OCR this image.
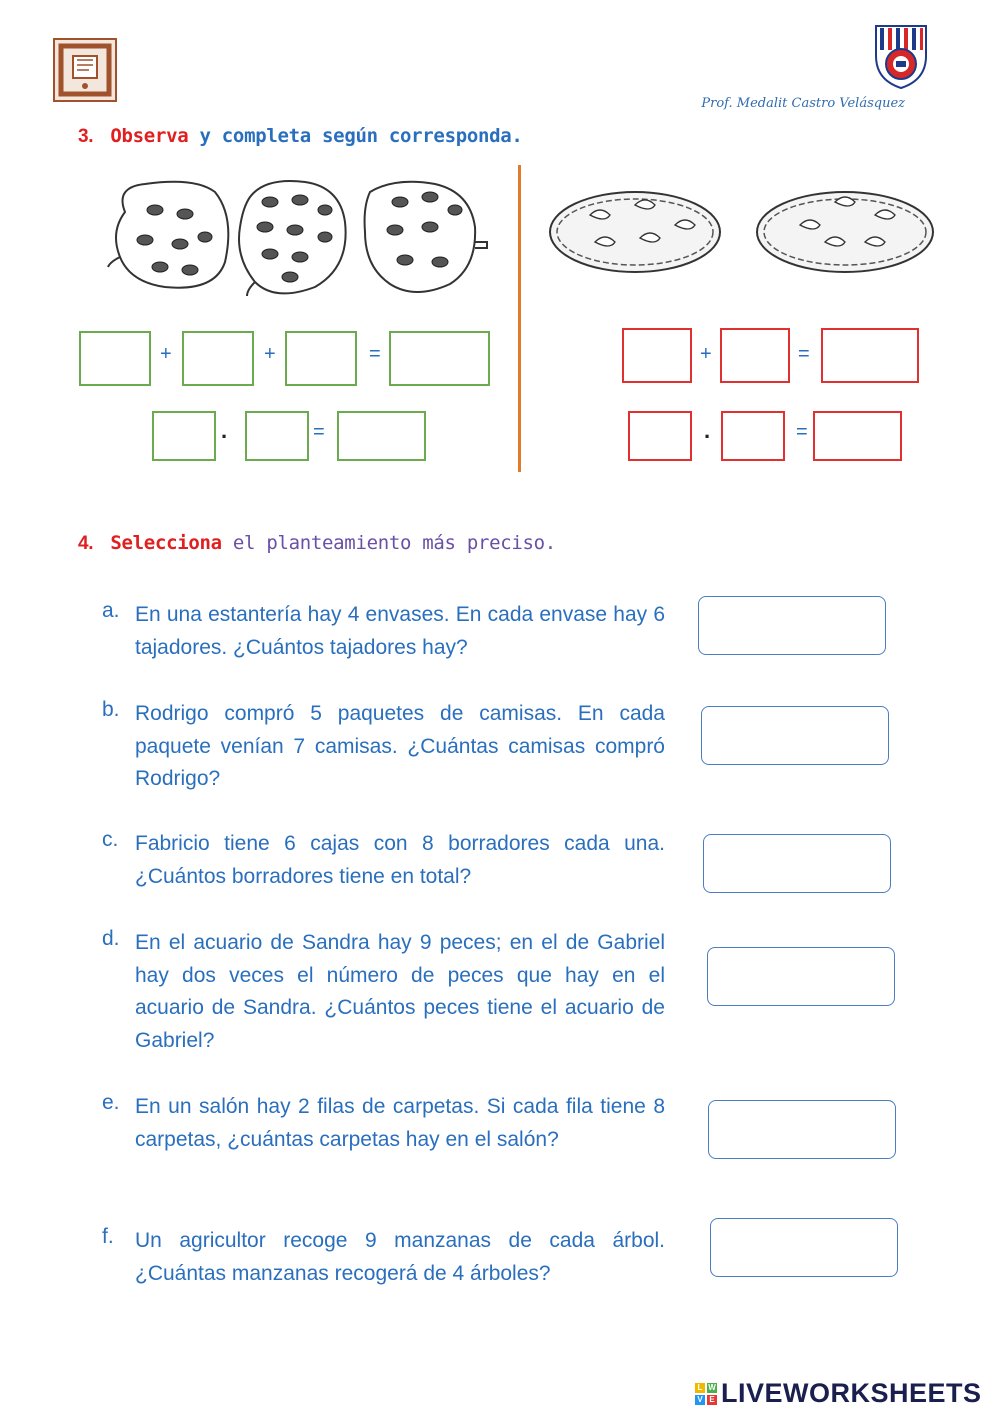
Prof. Medalit Castro Velásquez
3. Observa y completa según corresponda.
+	+	=
.	=
+	=
.	=
4. Selecciona el planteamiento más preciso.
a. En una estantería hay 4 envases. En cada envase hay 6 tajadores. ¿Cuántos tajadores hay?
b. Rodrigo compró 5 paquetes de camisas. En cada paquete venían 7 camisas. ¿Cuántas camisas compró Rodrigo?
c. Fabricio tiene 6 cajas con 8 borradores cada una. ¿Cuántos borradores tiene en total?
d. En el acuario de Sandra hay 9 peces; en el de Gabriel hay dos veces el número de peces que hay en el acuario de Sandra. ¿Cuántos peces tiene el acuario de Gabriel?
e. En un salón hay 2 filas de carpetas. Si cada fila tiene 8 carpetas, ¿cuántas carpetas hay en el salón?
f.	Un agricultor recoge 9 manzanas de cada árbol. ¿Cuántas manzanas recogerá de 4 árboles?
L W
V E LIVEWORKSHEETS
